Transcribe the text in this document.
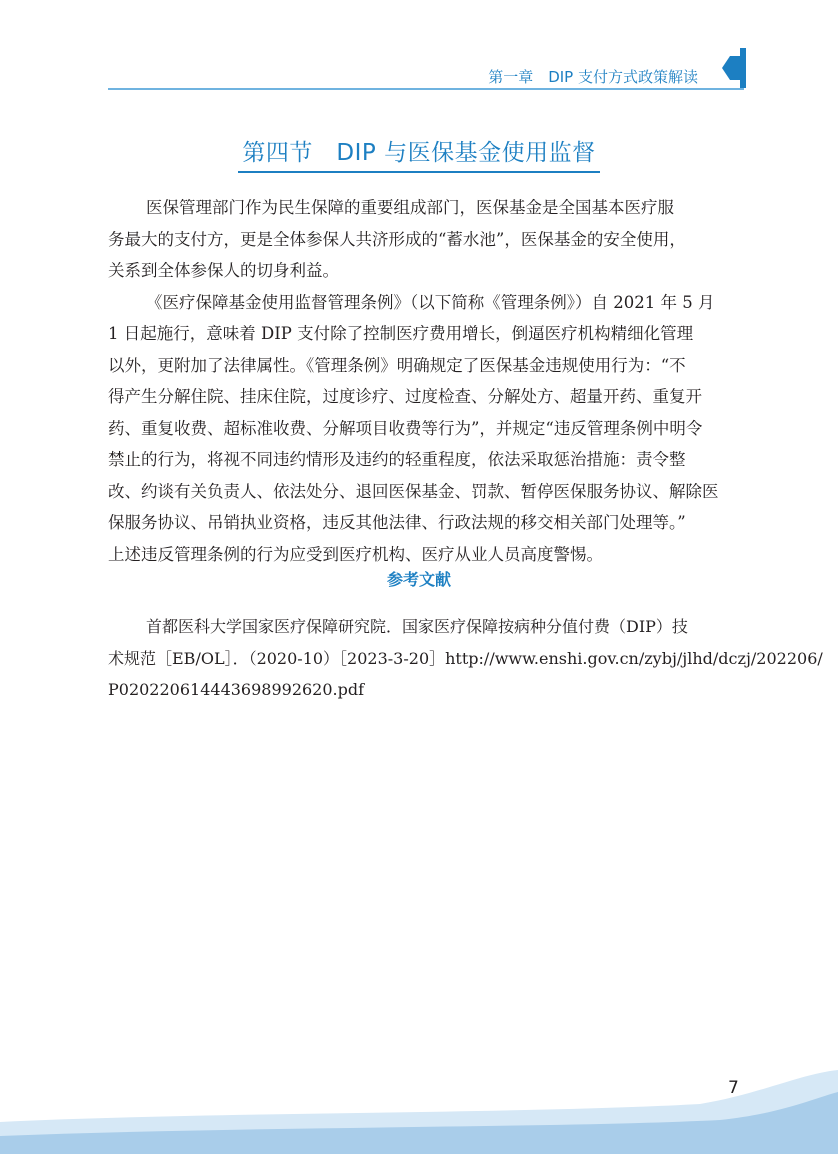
第一章　DIP 支付方式政策解读
第四节　DIP 与医保基金使用监督
医保管理部门作为民生保障的重要组成部门，医保基金是全国基本医疗服
务最大的支付方，更是全体参保人共济形成的“蓄水池”，医保基金的安全使用，
关系到全体参保人的切身利益。
《医疗保障基金使用监督管理条例》（以下简称《管理条例》）自 2021 年 5 月
1 日起施行，意味着 DIP 支付除了控制医疗费用增长，倒逼医疗机构精细化管理
以外，更附加了法律属性。《管理条例》明确规定了医保基金违规使用行为：“不
得产生分解住院、挂床住院，过度诊疗、过度检查、分解处方、超量开药、重复开
药、重复收费、超标准收费、分解项目收费等行为”，并规定“违反管理条例中明令
禁止的行为，将视不同违约情形及违约的轻重程度，依法采取惩治措施：责令整
改、约谈有关负责人、依法处分、退回医保基金、罚款、暂停医保服务协议、解除医
保服务协议、吊销执业资格，违反其他法律、行政法规的移交相关部门处理等。”
上述违反管理条例的行为应受到医疗机构、医疗从业人员高度警惕。
参考文献
首都医科大学国家医疗保障研究院．国家医疗保障按病种分值付费（DIP）技
术规范［EB/OL］．（2020-10）［2023-3-20］http://www.enshi.gov.cn/zybj/jlhd/dczj/202206/
P020220614443698992620.pdf
7
